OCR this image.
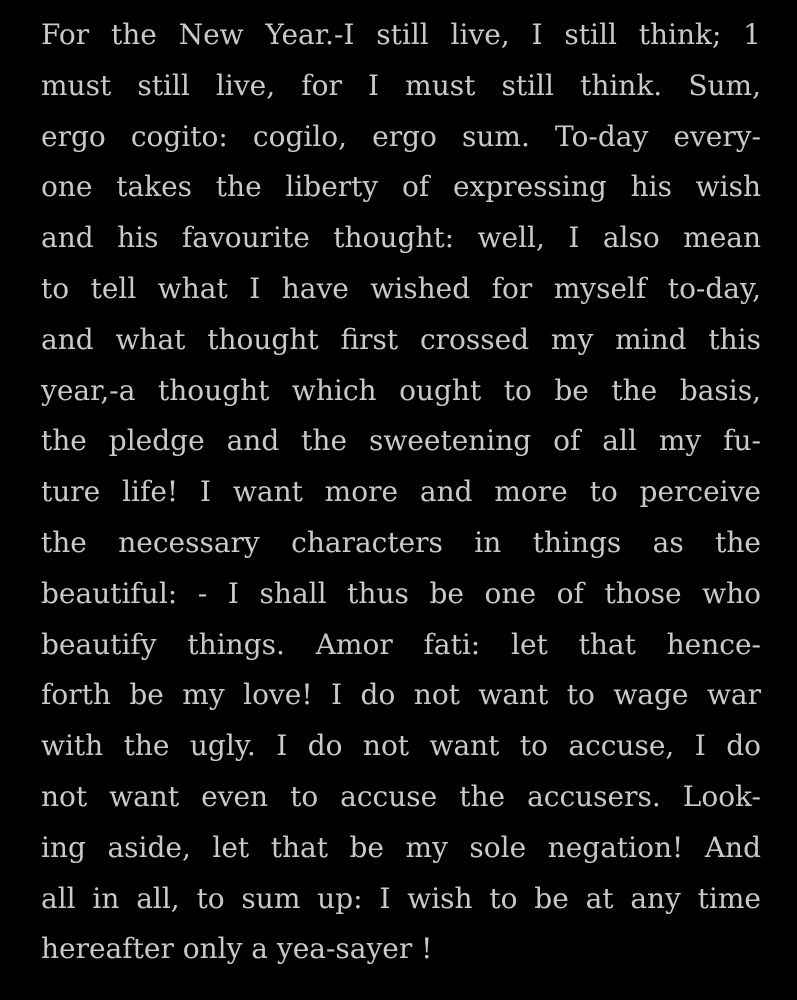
For the New Year.-I still live, I still think; 1
must still live, for I must still think. Sum,
ergo cogito: cogilo, ergo sum. To-day every-
one takes the liberty of expressing his wish
and his favourite thought: well, I also mean
to tell what I have wished for myself to-day,
and what thought first crossed my mind this
year,-a thought which ought to be the basis,
the pledge and the sweetening of all my fu-
ture life! I want more and more to perceive
the necessary characters in things as the
beautiful: - I shall thus be one of those who
beautify things. Amor fati: let that hence-
forth be my love! I do not want to wage war
with the ugly. I do not want to accuse, I do
not want even to accuse the accusers. Look-
ing aside, let that be my sole negation! And
all in all, to sum up: I wish to be at any time
hereafter only a yea-sayer !
